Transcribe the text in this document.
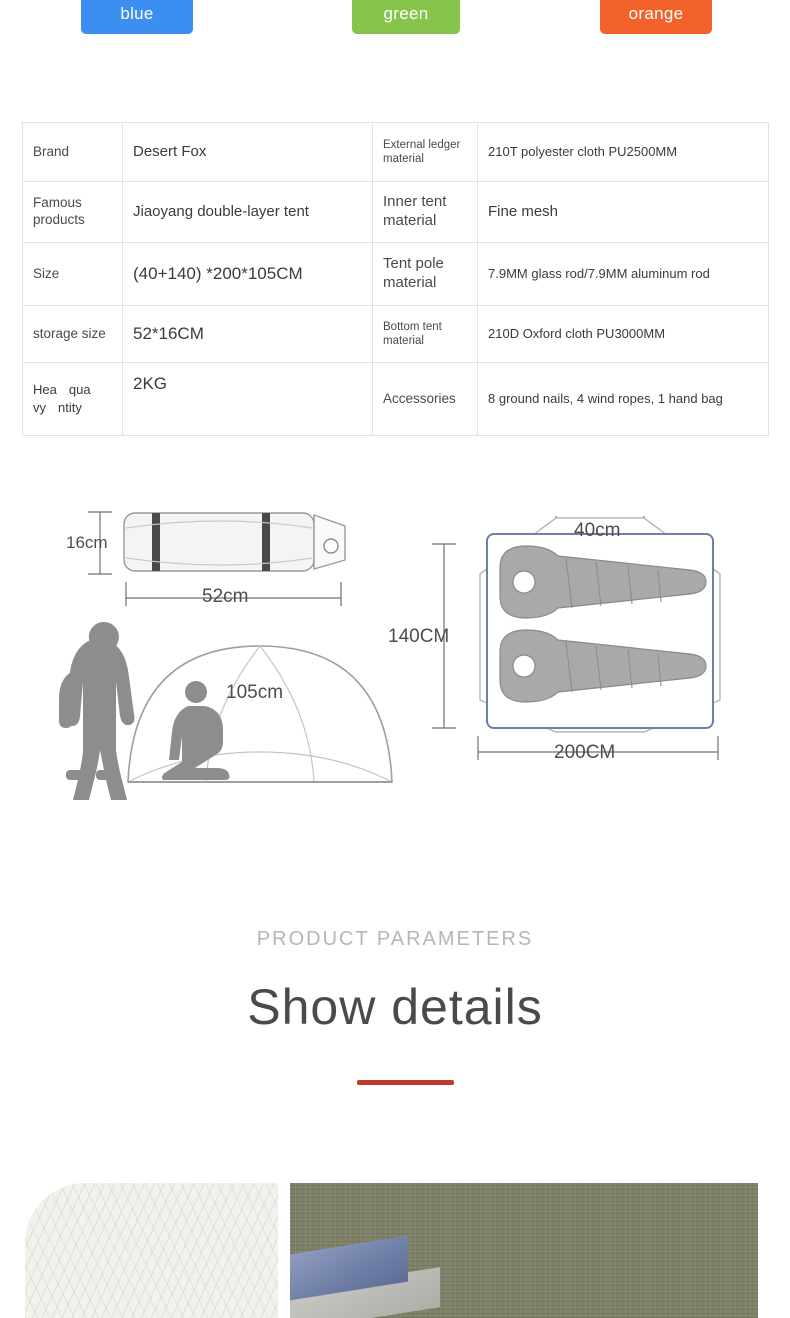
blue	green	orange
Brand	Desert Fox	External ledger material	210T polyester cloth PU2500MM
Famous products	Jiaoyang double-layer tent	Inner tent material	Fine mesh
Size	(40+140) *200*105CM	Tent pole material	7.9MM glass rod/7.9MM aluminum rod
storage size	52*16CM	Bottom tent material	210D Oxford cloth PU3000MM

Hea qua
vy ntity	2KG	Accessories	8 ground nails, 4 wind ropes, 1 hand bag
16cm
52cm
105cm
40cm
140CM
200CM
PRODUCT PARAMETERS
Show details
